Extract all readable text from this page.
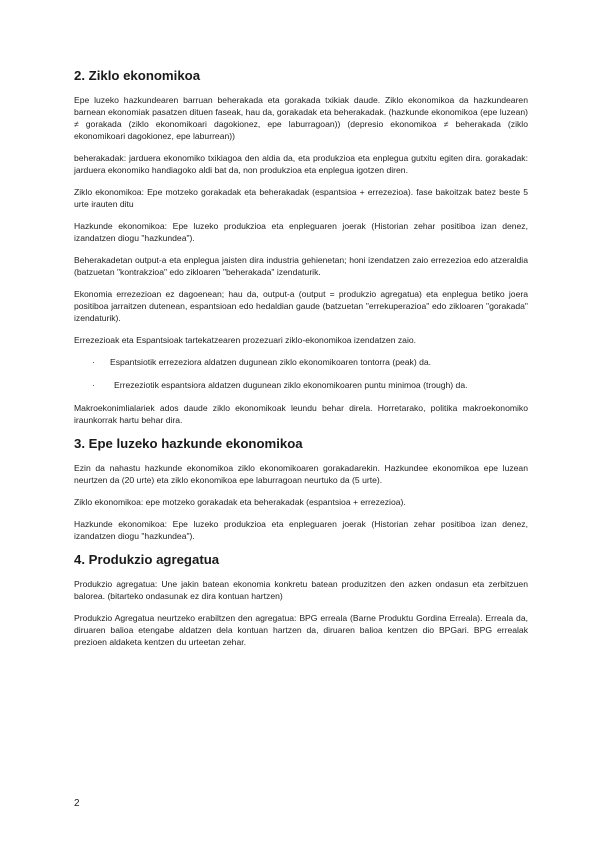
2. Ziklo ekonomikoa

Epe luzeko hazkundearen barruan beherakada eta gorakada txikiak daude. Ziklo ekonomikoa da hazkundearen barnean ekonomiak pasatzen dituen faseak, hau da, gorakadak eta beherakadak. (hazkunde ekonomikoa (epe luzean) ≠ gorakada (ziklo ekonomikoari dagokionez, epe laburragoan)) (depresio ekonomikoa ≠ beherakada (ziklo ekonomikoari dagokionez, epe laburrean))

beherakadak: jarduera ekonomiko txikiagoa den aldia da, eta produkzioa eta enplegua gutxitu egiten dira. gorakadak: jarduera ekonomiko handiagoko aldi bat da, non produkzioa eta enplegua igotzen diren.

Ziklo ekonomikoa: Epe motzeko gorakadak eta beherakadak (espantsioa + errezezioa). fase bakoitzak batez beste 5 urte irauten ditu

Hazkunde ekonomikoa: Epe luzeko produkzioa eta enpleguaren joerak (Historian zehar positiboa izan denez, izandatzen diogu "hazkundea").

Beherakadetan output-a eta enplegua jaisten dira industria gehienetan; honi izendatzen zaio errezezioa edo atzeraldia (batzuetan "kontrakzioa" edo zikloaren "beherakada" izendaturik.

Ekonomia errezezioan ez dagoenean; hau da, output-a (output = produkzio agregatua) eta enplegua betiko joera positiboa jarraitzen dutenean, espantsioan edo hedaldian gaude (batzuetan "errekuperazioa" edo zikloaren "gorakada" izendaturik).

Errezezioak eta Espantsioak tartekatzearen prozezuari ziklo-ekonomikoa izendatzen zaio.

· Espantsiotik errezeziora aldatzen dugunean ziklo ekonomikoaren tontorra (peak) da.
· Errezeziotik espantsiora aldatzen dugunean ziklo ekonomikoaren puntu minimoa (trough) da.

Makroekonimlialariek ados daude ziklo ekonomikoak leundu behar direla. Horretarako, politika makroekonomiko iraunkorrak hartu behar dira.

3. Epe luzeko hazkunde ekonomikoa

Ezin da nahastu hazkunde ekonomikoa ziklo ekonomikoaren gorakadarekin. Hazkundee ekonomikoa epe luzean neurtzen da (20 urte) eta ziklo ekonomikoa epe laburragoan neurtuko da (5 urte).

Ziklo ekonomikoa: epe motzeko gorakadak eta beherakadak (espantsioa + errezezioa).

Hazkunde ekonomikoa: Epe luzeko produkzioa eta enpleguaren joerak (Historian zehar positiboa izan denez, izandatzen diogu "hazkundea").

4. Produkzio agregatua

Produkzio agregatua: Une jakin batean ekonomia konkretu batean produzitzen den azken ondasun eta zerbitzuen balorea. (bitarteko ondasunak ez dira kontuan hartzen)

Produkzio Agregatua neurtzeko erabiltzen den agregatua: BPG erreala (Barne Produktu Gordina Erreala). Erreala da, diruaren balioa etengabe aldatzen dela kontuan hartzen da, diruaren balioa kentzen dio BPGari. BPG errealak prezioen aldaketa kentzen du urteetan zehar.

2
